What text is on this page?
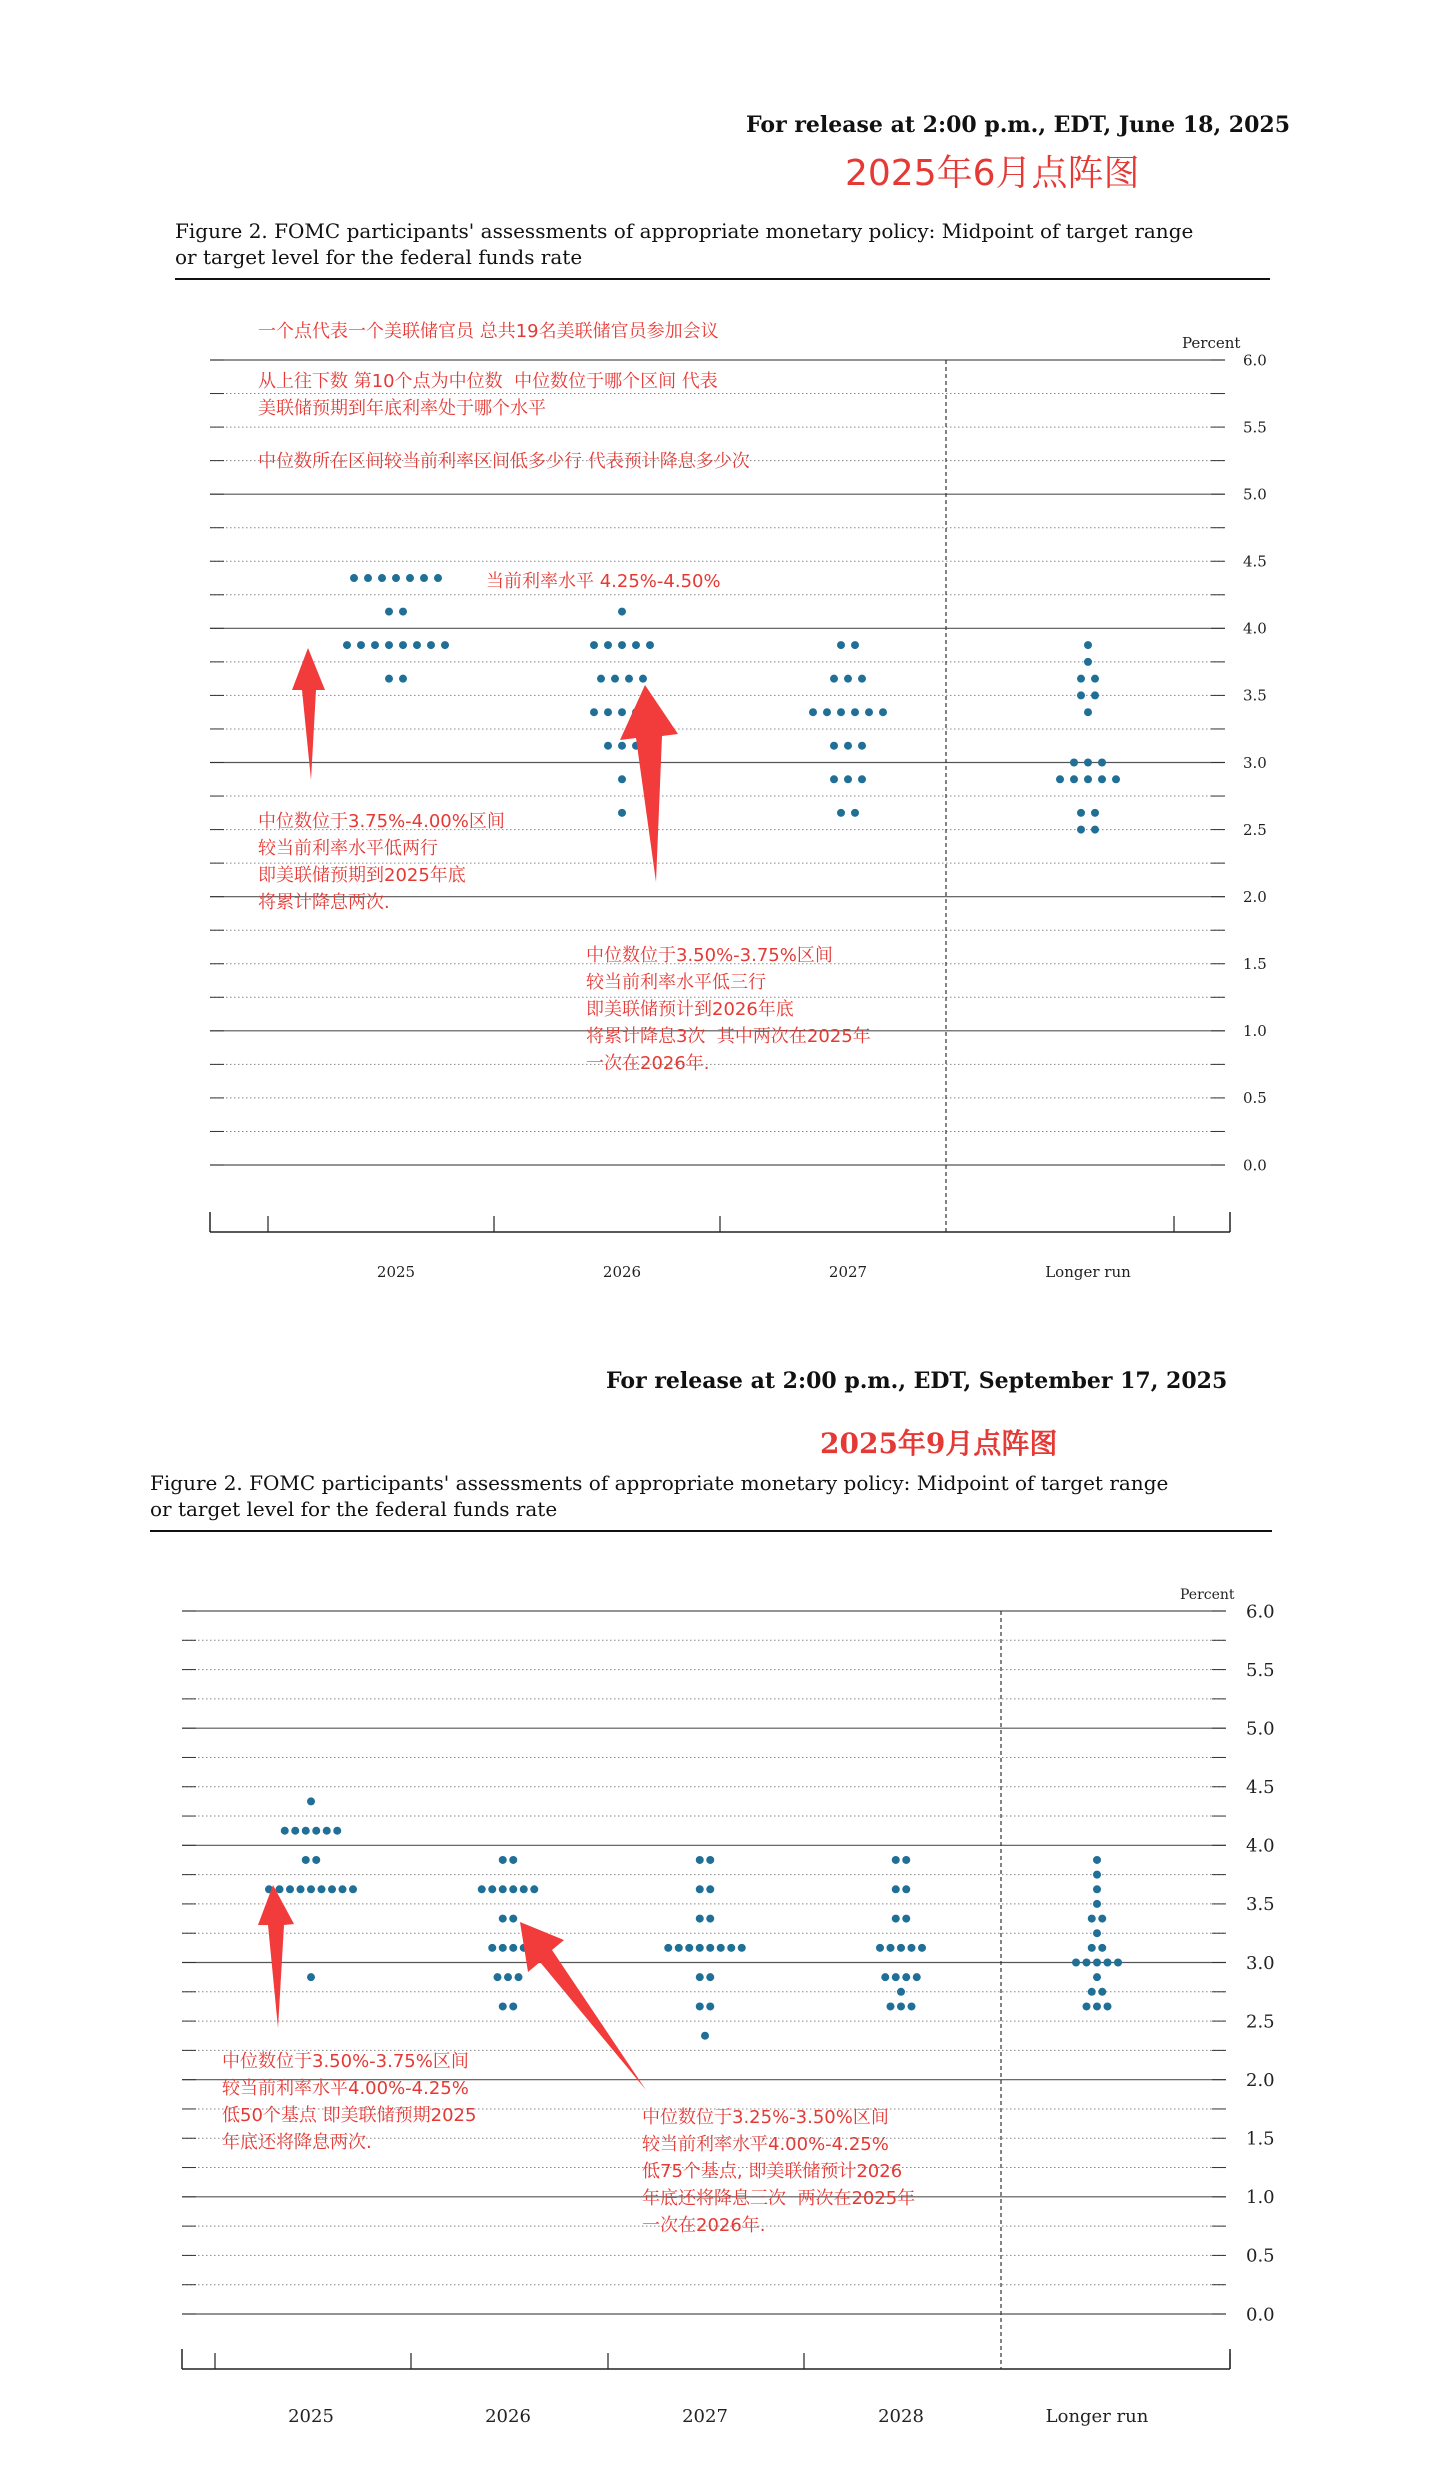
For release at 2:00 p.m., EDT, June 18, 2025
2025年6月点阵图
Figure 2. FOMC participants' assessments of appropriate monetary policy: Midpoint of target range
or target level for the federal funds rate
0.0
0.5
1.0
1.5
2.0
2.5
3.0
3.5
4.0
4.5
5.0
5.5
6.0
Percent
2025	2026	2027	Longer run
一个点代表一个美联储官员 总共19名美联储官员参加会议
从上往下数 第10个点为中位数  中位数位于哪个区间 代表
美联储预期到年底利率处于哪个水平
中位数所在区间较当前利率区间低多少行 代表预计降息多少次
当前利率水平 4.25%-4.50%
中位数位于3.75%-4.00%区间
较当前利率水平低两行
即美联储预期到2025年底
将累计降息两次.
中位数位于3.50%-3.75%区间
较当前利率水平低三行
即美联储预计到2026年底
将累计降息3次  其中两次在2025年
一次在2026年.
For release at 2:00 p.m., EDT, September 17, 2025
2025年9月点阵图
Figure 2. FOMC participants' assessments of appropriate monetary policy: Midpoint of target range
or target level for the federal funds rate
0.0
0.5
1.0
1.5
2.0
2.5
3.0
3.5
4.0
4.5
5.0
5.5
6.0
Percent
2025	2026	2027	2028	Longer run
中位数位于3.50%-3.75%区间
较当前利率水平4.00%-4.25%
低50个基点 即美联储预期2025
年底还将降息两次.
中位数位于3.25%-3.50%区间
较当前利率水平4.00%-4.25%
低75个基点, 即美联储预计2026
年底还将降息三次  两次在2025年
一次在2026年.
